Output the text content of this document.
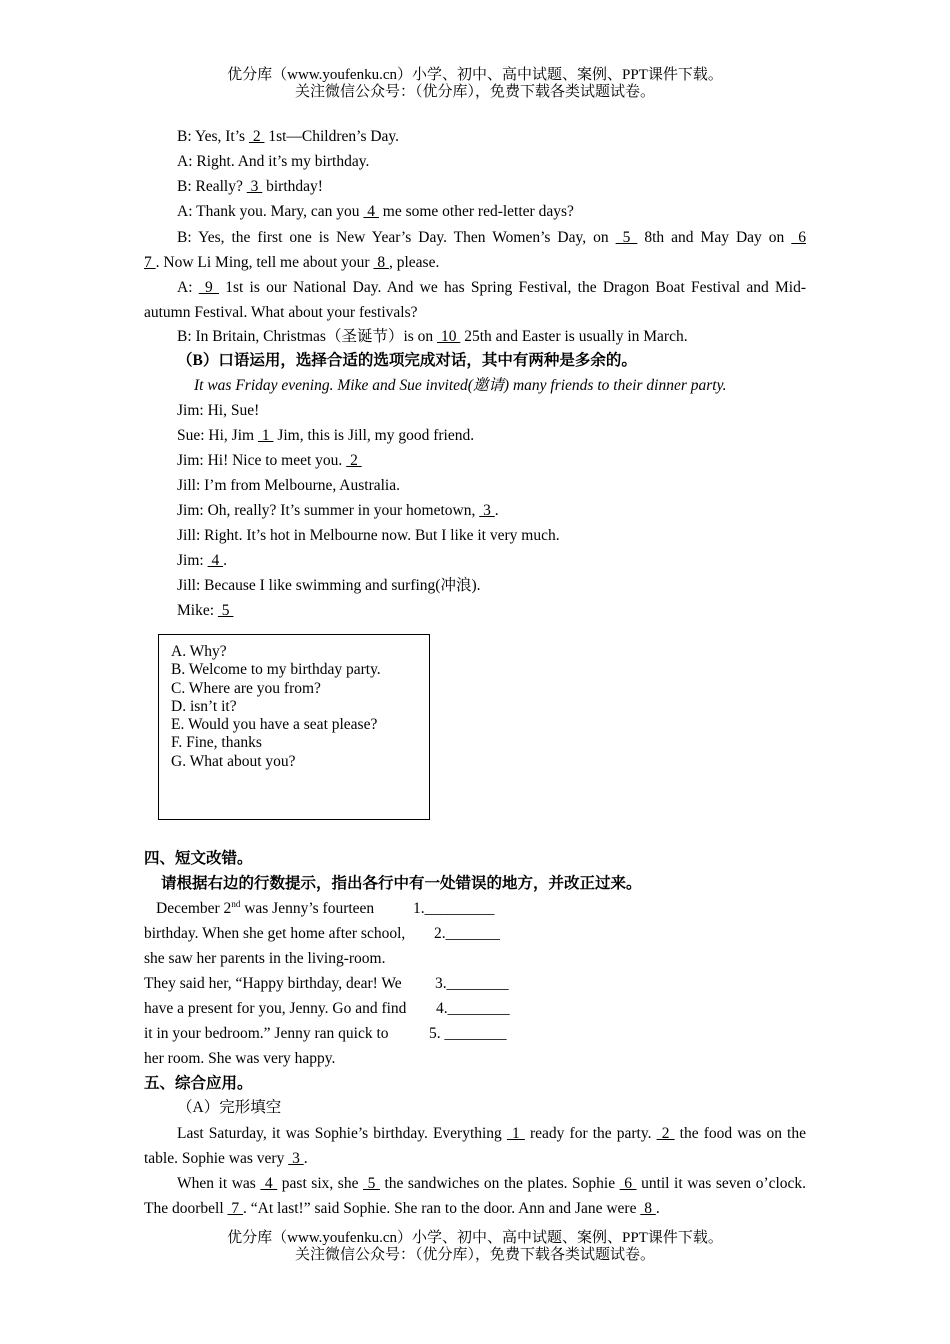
优分库（www.youfenku.cn）小学、初中、高中试题、案例、PPT课件下载。
关注微信公众号：（优分库），免费下载各类试题试卷。
B: Yes, It’s  2  1st—Children’s Day.
A: Right. And it’s my birthday.
B: Really?  3  birthday!
A: Thank you. Mary, can you  4  me some other red-letter days?
B: Yes, the first one is New Year’s Day. Then Women’s Day, on  5  8th and May Day on  6
7 . Now Li Ming, tell me about your  8 , please.
A:  9  1st is our National Day. And we has Spring Festival, the Dragon Boat Festival and Mid-autumn Festival. What about your festivals?
B: In Britain, Christmas（圣诞节）is on  10  25th and Easter is usually in March.
（B）口语运用，选择合适的选项完成对话，其中有两种是多余的。
It was Friday evening. Mike and Sue invited(邀请) many friends to their dinner party.
Jim: Hi, Sue!
Sue: Hi, Jim  1  Jim, this is Jill, my good friend.
Jim: Hi! Nice to meet you.  2
Jill: I’m from Melbourne, Australia.
Jim: Oh, really? It’s summer in your hometown,  3 .
Jill: Right. It’s hot in Melbourne now. But I like it very much.
Jim:  4 .
Jill: Because I like swimming and surfing(冲浪).
Mike:  5
A. Why?
B. Welcome to my birthday party.
C. Where are you from?
D. isn’t it?
E. Would you have a seat please?
F. Fine, thanks
G. What about you?
四、短文改错。
请根据右边的行数提示，指出各行中有一处错误的地方，并改正过来。
December 2nd was Jenny’s fourteen	1._________
birthday. When she get home after school, 2._______
she saw her parents in the living-room.
They said her, “Happy birthday, dear! We 3.________
have a present for you, Jenny. Go and find 4.________
it in your bedroom.” Jenny ran quick to	5. ________
her room. She was very happy.
五、综合应用。
（A）完形填空
Last Saturday, it was Sophie’s birthday. Everything  1  ready for the party.  2  the food was on the table. Sophie was very  3 .
When it was  4  past six, she  5  the sandwiches on the plates. Sophie  6  until it was seven o’clock. The doorbell  7 . “At last!” said Sophie. She ran to the door. Ann and Jane were  8 .
优分库（www.youfenku.cn）小学、初中、高中试题、案例、PPT课件下载。
关注微信公众号：（优分库），免费下载各类试题试卷。
